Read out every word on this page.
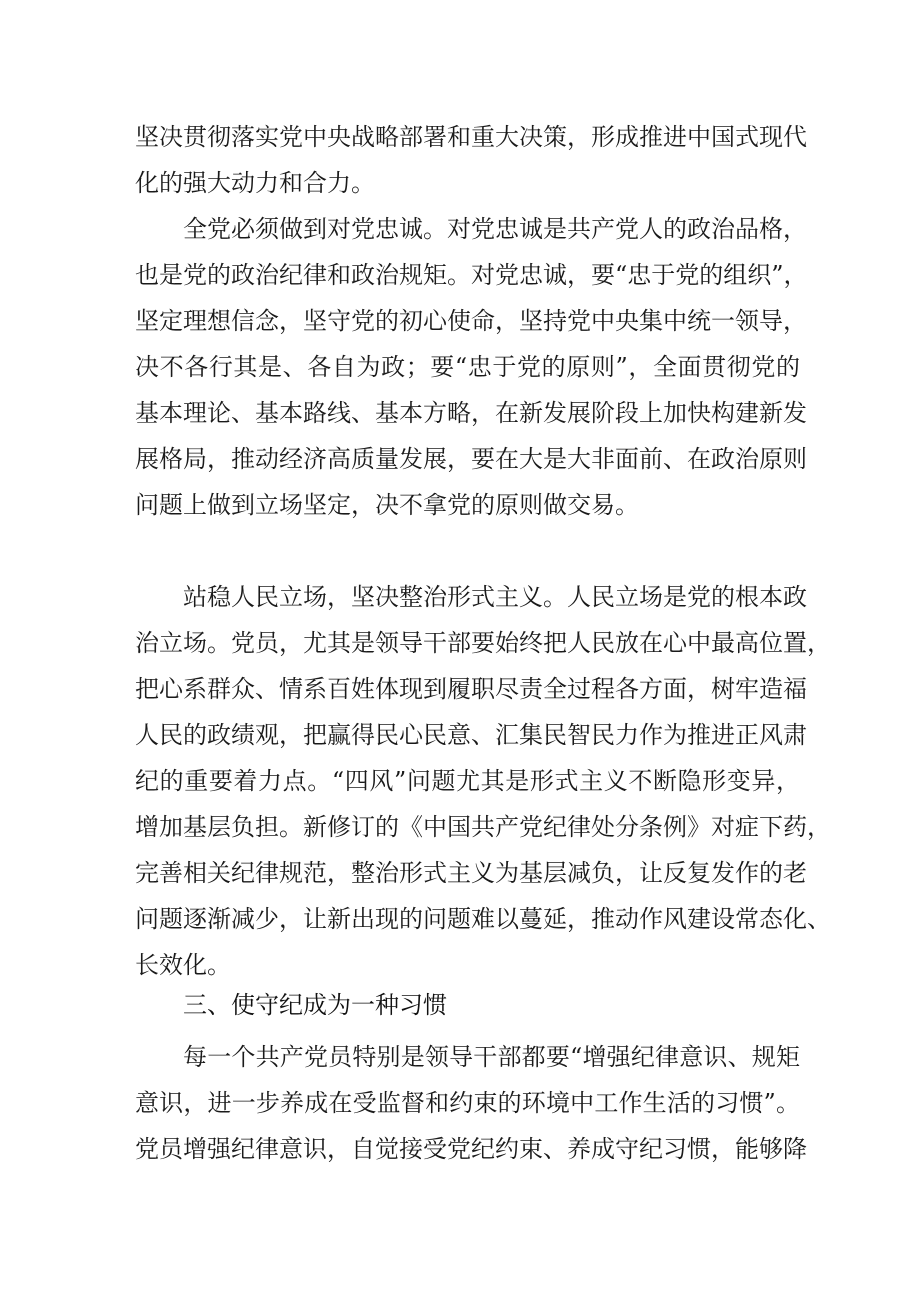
坚决贯彻落实党中央战略部署和重大决策，形成推进中国式现代
化的强大动力和合力。
全党必须做到对党忠诚。对党忠诚是共产党人的政治品格，
也是党的政治纪律和政治规矩。对党忠诚，要“忠于党的组织”，
坚定理想信念，坚守党的初心使命，坚持党中央集中统一领导，
决不各行其是、各自为政；要“忠于党的原则”，全面贯彻党的
基本理论、基本路线、基本方略，在新发展阶段上加快构建新发
展格局，推动经济高质量发展，要在大是大非面前、在政治原则
问题上做到立场坚定，决不拿党的原则做交易。
站稳人民立场，坚决整治形式主义。人民立场是党的根本政
治立场。党员，尤其是领导干部要始终把人民放在心中最高位置，
把心系群众、情系百姓体现到履职尽责全过程各方面，树牢造福
人民的政绩观，把赢得民心民意、汇集民智民力作为推进正风肃
纪的重要着力点。“四风”问题尤其是形式主义不断隐形变异，
增加基层负担。新修订的《中国共产党纪律处分条例》对症下药，
完善相关纪律规范，整治形式主义为基层减负，让反复发作的老
问题逐渐减少，让新出现的问题难以蔓延，推动作风建设常态化、
长效化。
三、使守纪成为一种习惯
每一个共产党员特别是领导干部都要“增强纪律意识、规矩
意识，进一步养成在受监督和约束的环境中工作生活的习惯”。
党员增强纪律意识，自觉接受党纪约束、养成守纪习惯，能够降
